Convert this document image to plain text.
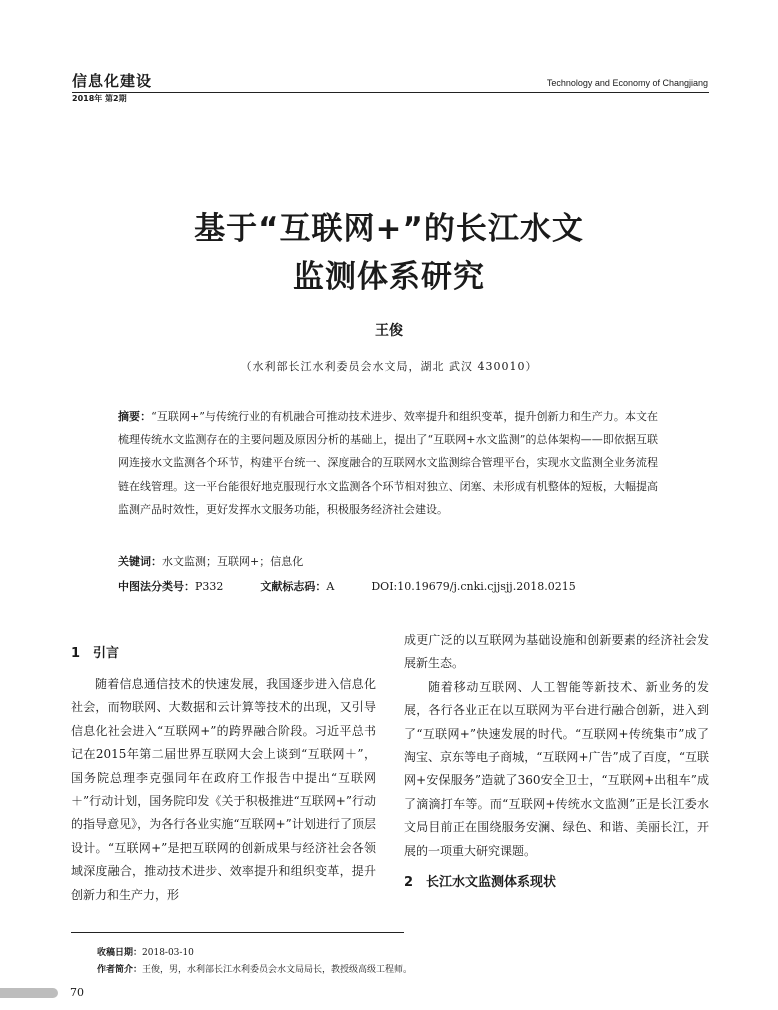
信息化建设
2018年 第2期
Technology and Economy of Changjiang
基于“互联网+”的长江水文
监测体系研究
王俊
（水利部长江水利委员会水文局，湖北 武汉 430010）
摘要：“互联网+”与传统行业的有机融合可推动技术进步、效率提升和组织变革，提升创新力和生产力。本文在梳理传统水文监测存在的主要问题及原因分析的基础上，提出了“互联网+水文监测”的总体架构——即依据互联网连接水文监测各个环节，构建平台统一、深度融合的互联网水文监测综合管理平台，实现水文监测全业务流程链在线管理。这一平台能很好地克服现行水文监测各个环节相对独立、闭塞、未形成有机整体的短板，大幅提高监测产品时效性，更好发挥水文服务功能，积极服务经济社会建设。
关键词：水文监测；互联网+；信息化
中图法分类号：P332	文献标志码：A	DOI:10.19679/j.cnki.cjjsjj.2018.0215
1　引言

随着信息通信技术的快速发展，我国逐步进入信息化社会，而物联网、大数据和云计算等技术的出现，又引导信息化社会进入“互联网+”的跨界融合阶段。习近平总书记在2015年第二届世界互联网大会上谈到“互联网＋”，国务院总理李克强同年在政府工作报告中提出“互联网＋”行动计划，国务院印发《关于积极推进“互联网+”行动的指导意见》，为各行各业实施“互联网+”计划进行了顶层设计。“互联网+”是把互联网的创新成果与经济社会各领域深度融合，推动技术进步、效率提升和组织变革，提升创新力和生产力，形

成更广泛的以互联网为基础设施和创新要素的经济社会发展新生态。

随着移动互联网、人工智能等新技术、新业务的发展，各行各业正在以互联网为平台进行融合创新，进入到了“互联网+”快速发展的时代。“互联网+传统集市”成了淘宝、京东等电子商城，“互联网+广告”成了百度，“互联网+安保服务”造就了360安全卫士，“互联网+出租车”成了滴滴打车等。而“互联网+传统水文监测”正是长江委水文局目前正在围绕服务安澜、绿色、和谐、美丽长江，开展的一项重大研究课题。

2　长江水文监测体系现状
收稿日期：2018-03-10
作者简介：王俊，男，水利部长江水利委员会水文局局长，教授级高级工程师。
70
